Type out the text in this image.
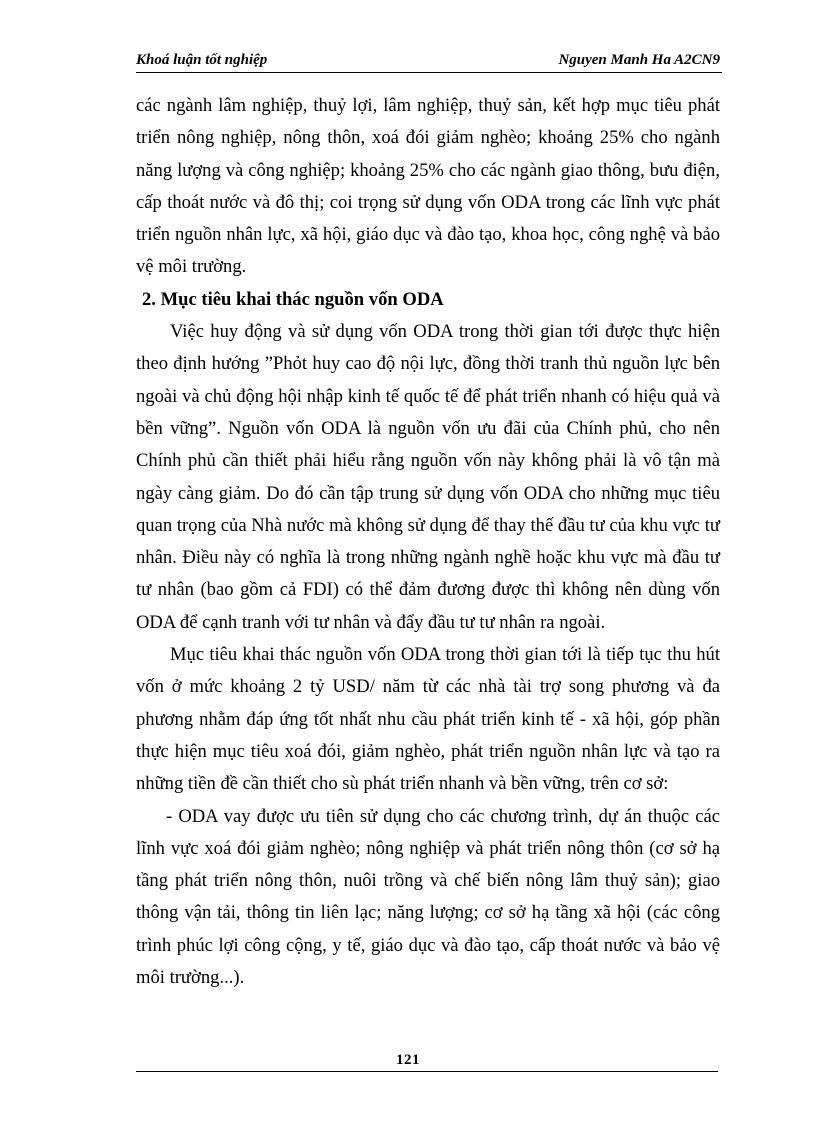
Khoá luận tốt nghiệp	Nguyen Manh Ha A2CN9

các ngành lâm nghiệp, thuỷ lợi, lâm nghiệp, thuỷ sản, kết hợp mục tiêu phát triển nông nghiệp, nông thôn, xoá đói giảm nghèo; khoảng 25% cho ngành năng lượng và công nghiệp; khoảng 25% cho các ngành giao thông, bưu điện, cấp thoát nước và đô thị; coi trọng sử dụng vốn ODA trong các lĩnh vực phát triển nguồn nhân lực, xã hội, giáo dục và đào tạo, khoa học, công nghệ và bảo vệ môi trường.

2. Mục tiêu khai thác nguồn vốn ODA

Việc huy động và sử dụng vốn ODA trong thời gian tới được thực hiện theo định hướng ”Phỏt huy cao độ nội lực, đồng thời tranh thủ nguồn lực bên ngoài và chủ động hội nhập kinh tế quốc tế để phát triển nhanh có hiệu quả và bền vững”. Nguồn vốn ODA là nguồn vốn ưu đãi của Chính phủ, cho nên Chính phủ cần thiết phải hiểu rằng nguồn vốn này không phải là vô tận mà ngày càng giảm. Do đó cần tập trung sử dụng vốn ODA cho những mục tiêu quan trọng của Nhà nước mà không sử dụng để thay thế đầu tư của khu vực tư nhân. Điều này có nghĩa là trong những ngành nghề hoặc khu vực mà đầu tư tư nhân (bao gồm cả FDI) có thể đảm đương được thì không nên dùng vốn ODA để cạnh tranh với tư nhân và đẩy đầu tư tư nhân ra ngoài.

Mục tiêu khai thác nguồn vốn ODA trong thời gian tới là tiếp tục thu hút vốn ở mức khoảng 2 tỷ USD/ năm từ các nhà tài trợ song phương và đa phương nhằm đáp ứng tốt nhất nhu cầu phát triển kinh tế - xã hội, góp phần thực hiện mục tiêu xoá đói, giảm nghèo, phát triển nguồn nhân lực và tạo ra những tiền đề cần thiết cho sù phát triển nhanh và bền vững, trên cơ sở:

- ODA vay được ưu tiên sử dụng cho các chương trình, dự án thuộc các lĩnh vực xoá đói giảm nghèo; nông nghiệp và phát triển nông thôn (cơ sở hạ tầng phát triển nông thôn, nuôi trồng và chế biến nông lâm thuỷ sản); giao thông vận tải, thông tin liên lạc; năng lượng; cơ sở hạ tầng xã hội (các công trình phúc lợi công cộng, y tế, giáo dục và đào tạo, cấp thoát nước và bảo vệ môi trường...).

121
